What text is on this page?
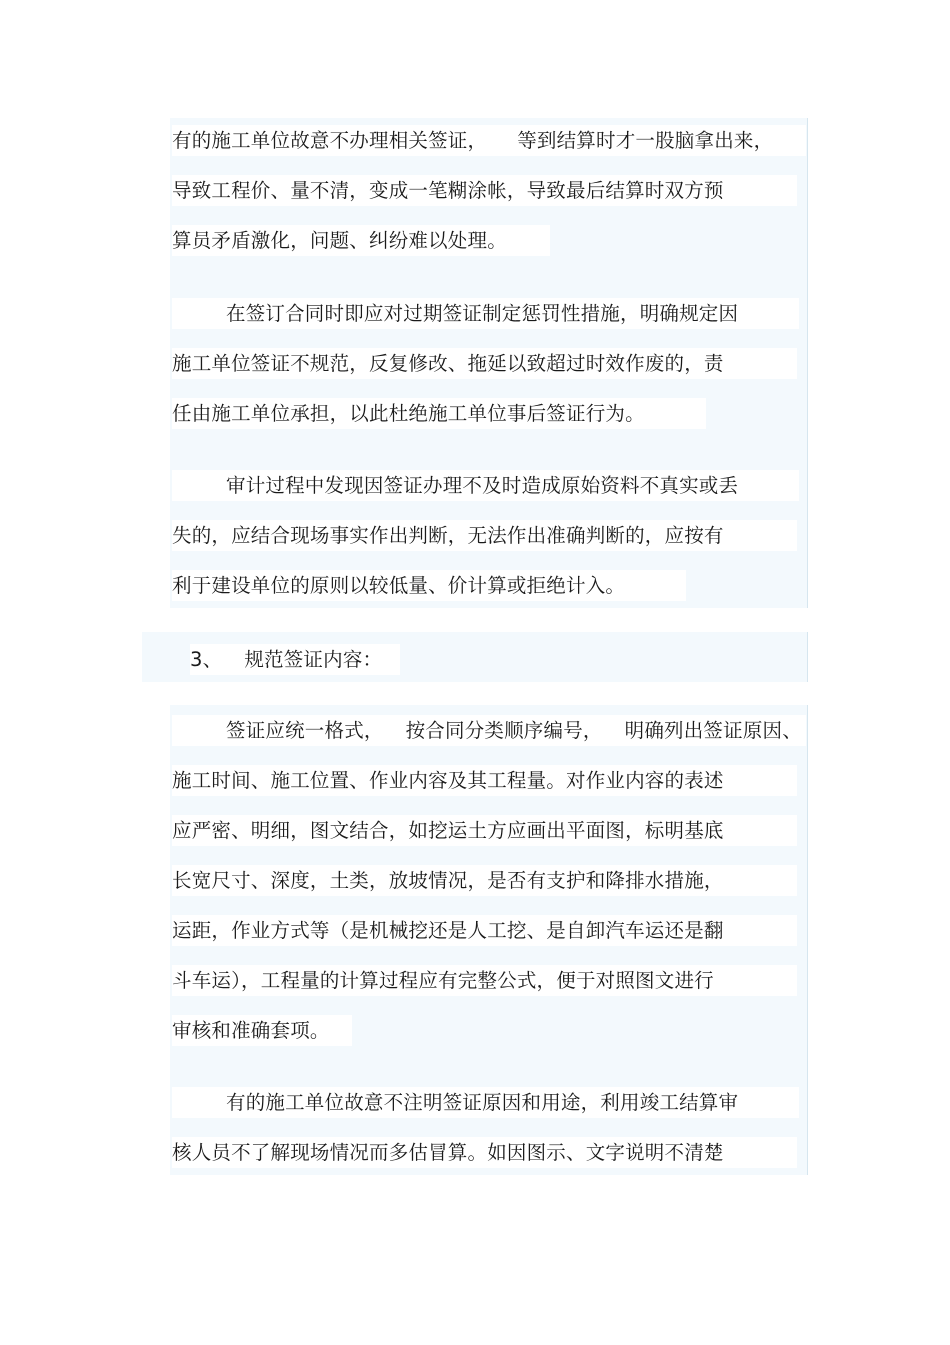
有的施工单位故意不办理相关签证， 等到结算时才一股脑拿出来，
导致工程价、量不清，变成一笔糊涂帐，导致最后结算时双方预
算员矛盾激化，问题、纠纷难以处理。
在签订合同时即应对过期签证制定惩罚性措施，明确规定因
施工单位签证不规范，反复修改、拖延以致超过时效作废的，责
任由施工单位承担，以此杜绝施工单位事后签证行为。
审计过程中发现因签证办理不及时造成原始资料不真实或丢
失的，应结合现场事实作出判断，无法作出准确判断的，应按有
利于建设单位的原则以较低量、价计算或拒绝计入。
3、 规范签证内容：
签证应统一格式， 按合同分类顺序编号， 明确列出签证原因、
施工时间、施工位置、作业内容及其工程量。对作业内容的表述
应严密、明细，图文结合，如挖运土方应画出平面图，标明基底
长宽尺寸、深度，土类，放坡情况，是否有支护和降排水措施，
运距，作业方式等（是机械挖还是人工挖、是自卸汽车运还是翻
斗车运），工程量的计算过程应有完整公式，便于对照图文进行
审核和准确套项。
有的施工单位故意不注明签证原因和用途，利用竣工结算审
核人员不了解现场情况而多估冒算。如因图示、文字说明不清楚
